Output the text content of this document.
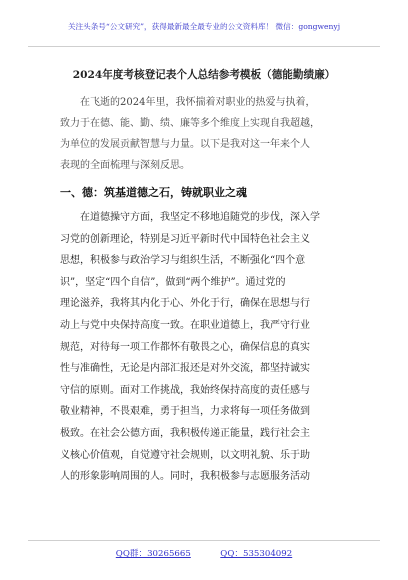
关注头条号“公文研究”，获得最新最全最专业的公文资料库！ 微信：gongwenyj
2024年度考核登记表个人总结参考模板（德能勤绩廉）
在飞逝的2024年里，我怀揣着对职业的热爱与执着，
致力于在德、能、勤、绩、廉等多个维度上实现自我超越，
为单位的发展贡献智慧与力量。以下是我对这一年来个人
表现的全面梳理与深刻反思。
一、德：筑基道德之石，铸就职业之魂
在道德操守方面，我坚定不移地追随党的步伐，深入学
习党的创新理论，特别是习近平新时代中国特色社会主义
思想，积极参与政治学习与组织生活，不断强化“四个意
识”，坚定“四个自信”，做到“两个维护”。通过党的
理论滋养，我将其内化于心、外化于行，确保在思想与行
动上与党中央保持高度一致。在职业道德上，我严守行业
规范，对待每一项工作都怀有敬畏之心，确保信息的真实
性与准确性，无论是内部汇报还是对外交流，都坚持诚实
守信的原则。面对工作挑战，我始终保持高度的责任感与
敬业精神，不畏艰难，勇于担当，力求将每一项任务做到
极致。在社会公德方面，我积极传递正能量，践行社会主
义核心价值观，自觉遵守社会规则，以文明礼貌、乐于助
人的形象影响周围的人。同时，我积极参与志愿服务活动
QQ群：30265665	QQ：535304092
